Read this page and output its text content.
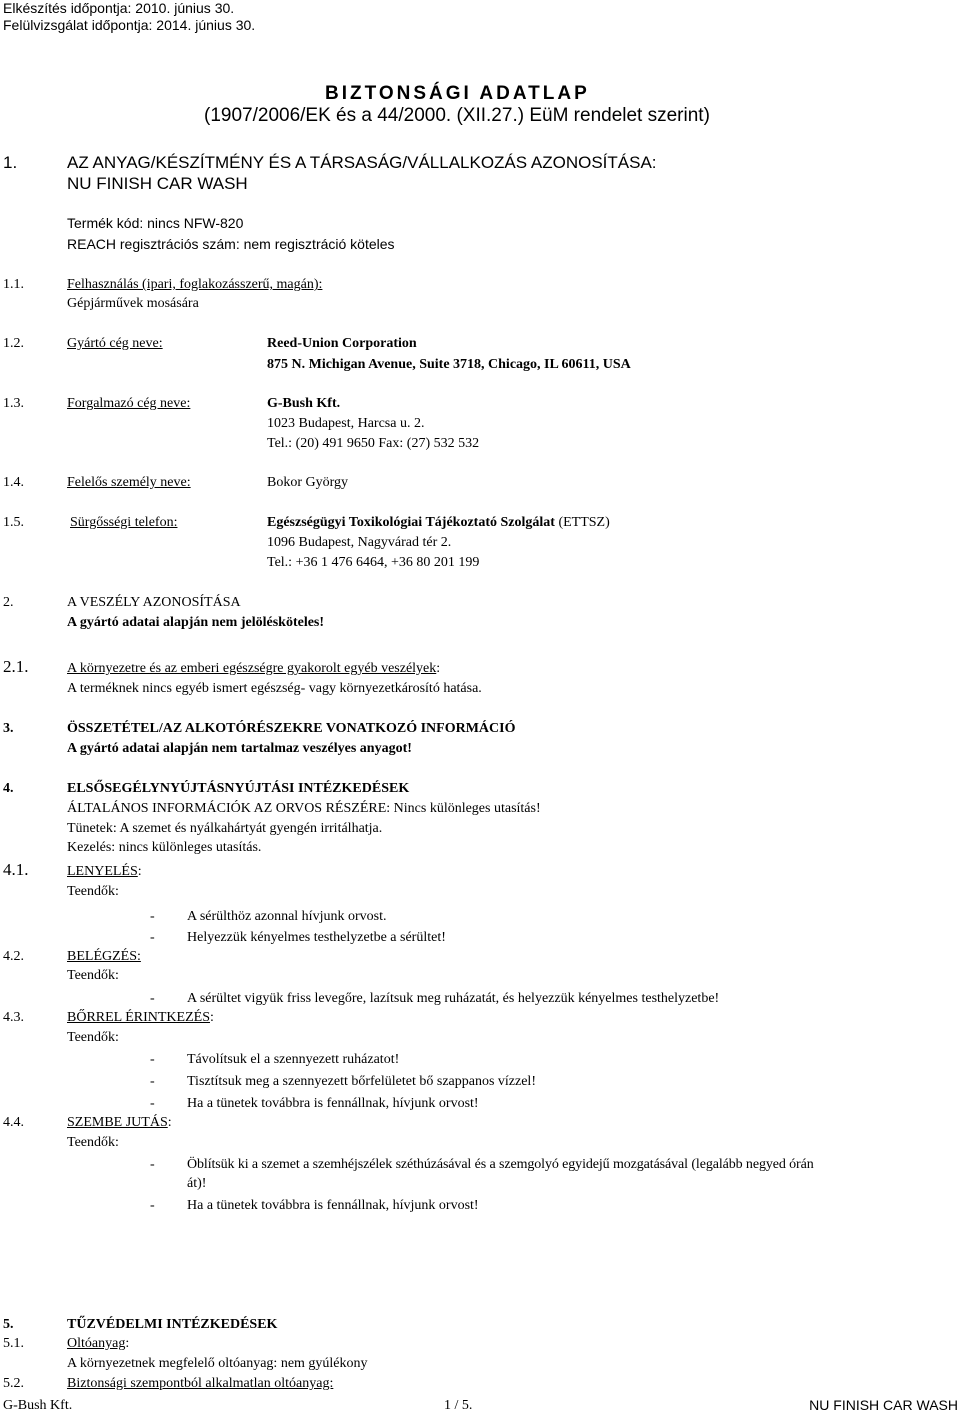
Elkészítés időpontja: 2010. június 30.
Felülvizsgálat időpontja: 2014. június 30.
BIZTONSÁGI ADATLAP
(1907/2006/EK és a 44/2000. (XII.27.) EüM rendelet szerint)
1.	AZ ANYAG/KÉSZÍTMÉNY ÉS A TÁRSASÁG/VÁLLALKOZÁS AZONOSÍTÁSA:
NU FINISH CAR WASH
Termék kód: nincs NFW-820
REACH regisztrációs szám: nem regisztráció köteles
1.1.	Felhasználás (ipari, foglakozásszerű, magán):
Gépjárművek mosására
1.2.	Gyártó cég neve:	Reed-Union Corporation
875 N. Michigan Avenue, Suite 3718, Chicago, IL 60611, USA
1.3.	Forgalmazó cég neve:	G-Bush Kft.
1023 Budapest, Harcsa u. 2.
Tel.: (20) 491 9650 Fax: (27) 532 532
1.4.	Felelős személy neve:	Bokor György
1.5.	Sürgősségi telefon:	Egészségügyi Toxikológiai Tájékoztató Szolgálat (ETTSZ)
1096 Budapest, Nagyvárad tér 2.
Tel.: +36 1 476 6464, +36 80 201 199
2.	A VESZÉLY AZONOSÍTÁSA
A gyártó adatai alapján nem jelölésköteles!
2.1.	A környezetre és az emberi egészségre gyakorolt egyéb veszélyek:
A terméknek nincs egyéb ismert egészség- vagy környezetkárosító hatása.
3.	ÖSSZETÉTEL/AZ ALKOTÓRÉSZEKRE VONATKOZÓ INFORMÁCIÓ
A gyártó adatai alapján nem tartalmaz veszélyes anyagot!
4.	ELSŐSEGÉLYNYÚJTÁSNYÚJTÁSI INTÉZKEDÉSEK
ÁLTALÁNOS INFORMÁCIÓK AZ ORVOS RÉSZÉRE: Nincs különleges utasítás!
Tünetek: A szemet és nyálkahártyát gyengén irritálhatja.
Kezelés: nincs különleges utasítás.
4.1.	LENYELÉS:
Teendők:
- A sérülthöz azonnal hívjunk orvost.
- Helyezzük kényelmes testhelyzetbe a sérültet!
4.2.	BELÉGZÉS:
Teendők:
- A sérültet vigyük friss levegőre, lazítsuk meg ruházatát, és helyezzük kényelmes testhelyzetbe!
4.3.	BŐRREL ÉRINTKEZÉS:
Teendők:
- Távolítsuk el a szennyezett ruházatot!
- Tisztítsuk meg a szennyezett bőrfelületet bő szappanos vízzel!
- Ha a tünetek továbbra is fennállnak, hívjunk orvost!
4.4.	SZEMBE JUTÁS:
Teendők:
- Öblítsük ki a szemet a szemhéjszélek széthúzásával és a szemgolyó egyidejű mozgatásával (legalább negyed órán
át)!
- Ha a tünetek továbbra is fennállnak, hívjunk orvost!
5.	TŰZVÉDELMI INTÉZKEDÉSEK
5.1.	Oltóanyag:
A környezetnek megfelelő oltóanyag: nem gyúlékony
5.2.	Biztonsági szempontból alkalmatlan oltóanyag:
G-Bush Kft.	1 / 5.	NU FINISH CAR WASH
